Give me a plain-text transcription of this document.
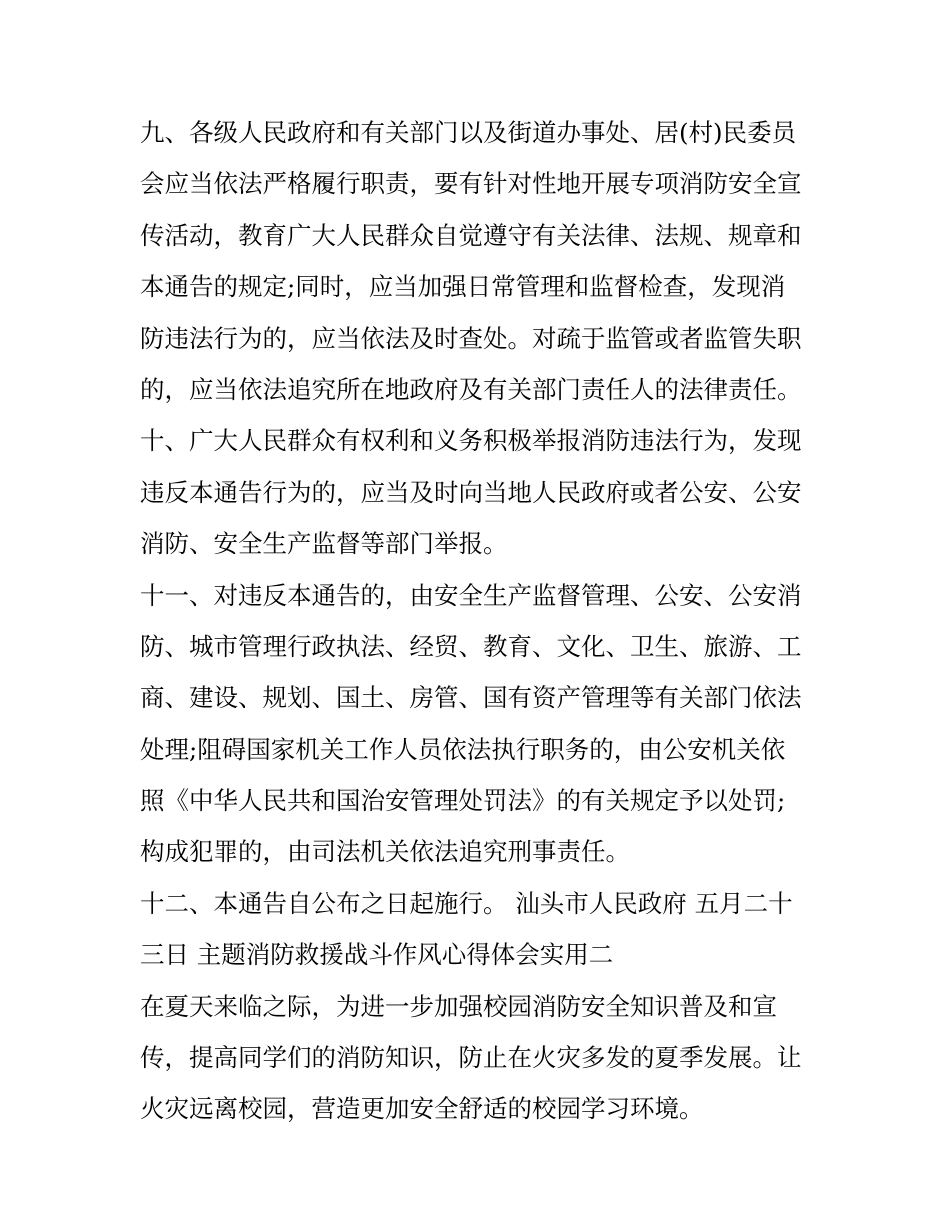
九、各级人民政府和有关部门以及街道办事处、居(村)民委员
会应当依法严格履行职责，要有针对性地开展专项消防安全宣
传活动，教育广大人民群众自觉遵守有关法律、法规、规章和
本通告的规定;同时，应当加强日常管理和监督检查，发现消
防违法行为的，应当依法及时查处。对疏于监管或者监管失职
的，应当依法追究所在地政府及有关部门责任人的法律责任。
十、广大人民群众有权利和义务积极举报消防违法行为，发现
违反本通告行为的，应当及时向当地人民政府或者公安、公安
消防、安全生产监督等部门举报。
十一、对违反本通告的，由安全生产监督管理、公安、公安消
防、城市管理行政执法、经贸、教育、文化、卫生、旅游、工
商、建设、规划、国土、房管、国有资产管理等有关部门依法
处理;阻碍国家机关工作人员依法执行职务的，由公安机关依
照《中华人民共和国治安管理处罚法》的有关规定予以处罚;
构成犯罪的，由司法机关依法追究刑事责任。
十二、本通告自公布之日起施行。 汕头市人民政府 五月二十
三日 主题消防救援战斗作风心得体会实用二
在夏天来临之际，为进一步加强校园消防安全知识普及和宣
传，提高同学们的消防知识，防止在火灾多发的夏季发展。让
火灾远离校园，营造更加安全舒适的校园学习环境。
